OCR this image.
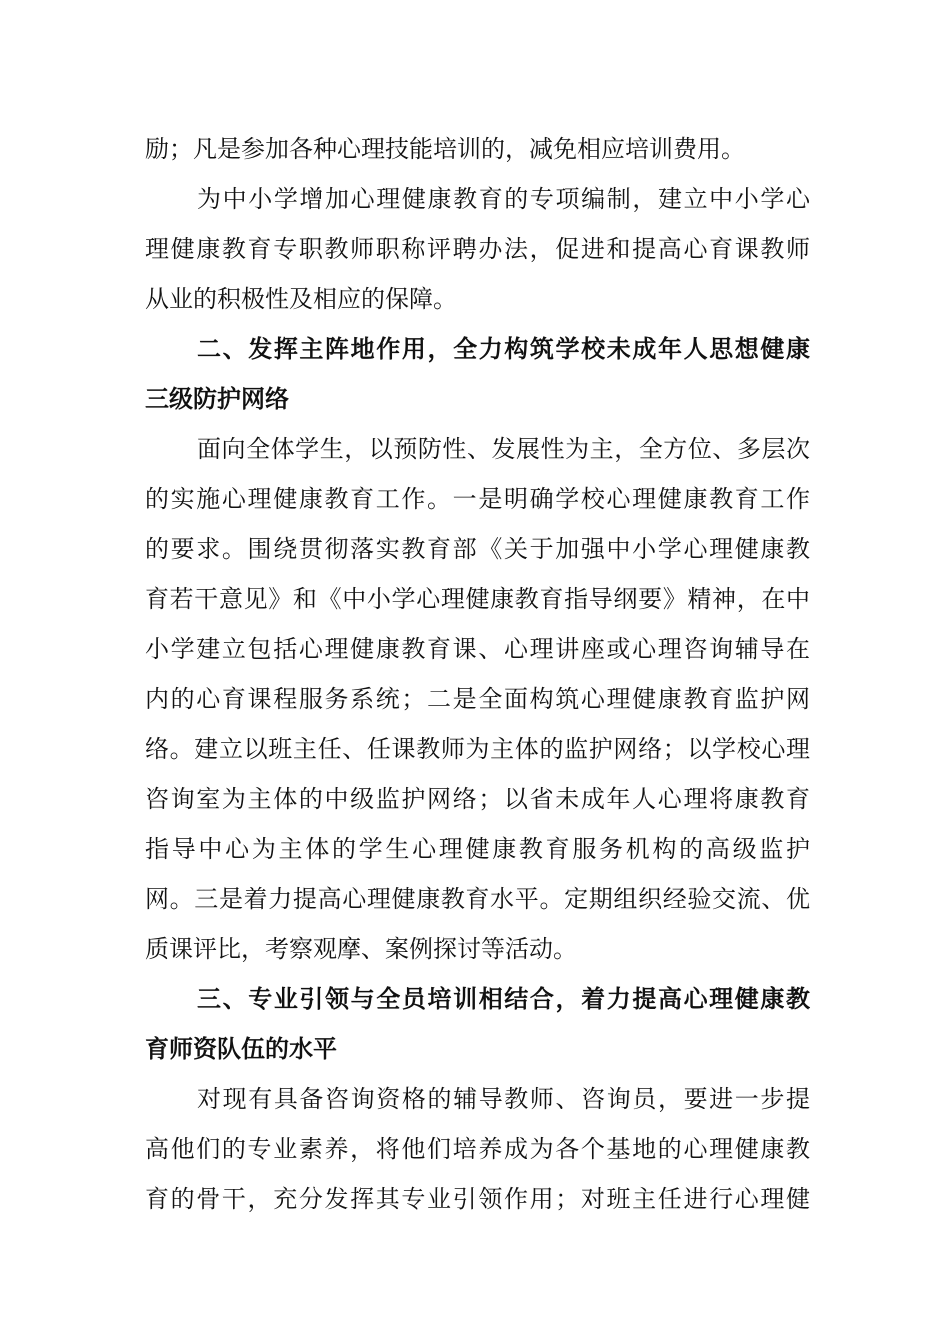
励；凡是参加各种心理技能培训的，减免相应培训费用。
为中小学增加心理健康教育的专项编制，建立中小学心
理健康教育专职教师职称评聘办法，促进和提高心育课教师
从业的积极性及相应的保障。
二、发挥主阵地作用，全力构筑学校未成年人思想健康
三级防护网络
面向全体学生，以预防性、发展性为主，全方位、多层次
的实施心理健康教育工作。一是明确学校心理健康教育工作
的要求。围绕贯彻落实教育部《关于加强中小学心理健康教
育若干意见》和《中小学心理健康教育指导纲要》精神，在中
小学建立包括心理健康教育课、心理讲座或心理咨询辅导在
内的心育课程服务系统；二是全面构筑心理健康教育监护网
络。建立以班主任、任课教师为主体的监护网络；以学校心理
咨询室为主体的中级监护网络；以省未成年人心理将康教育
指导中心为主体的学生心理健康教育服务机构的高级监护
网。三是着力提高心理健康教育水平。定期组织经验交流、优
质课评比，考察观摩、案例探讨等活动。
三、专业引领与全员培训相结合，着力提高心理健康教
育师资队伍的水平
对现有具备咨询资格的辅导教师、咨询员，要进一步提
高他们的专业素养，将他们培养成为各个基地的心理健康教
育的骨干，充分发挥其专业引领作用；对班主任进行心理健
